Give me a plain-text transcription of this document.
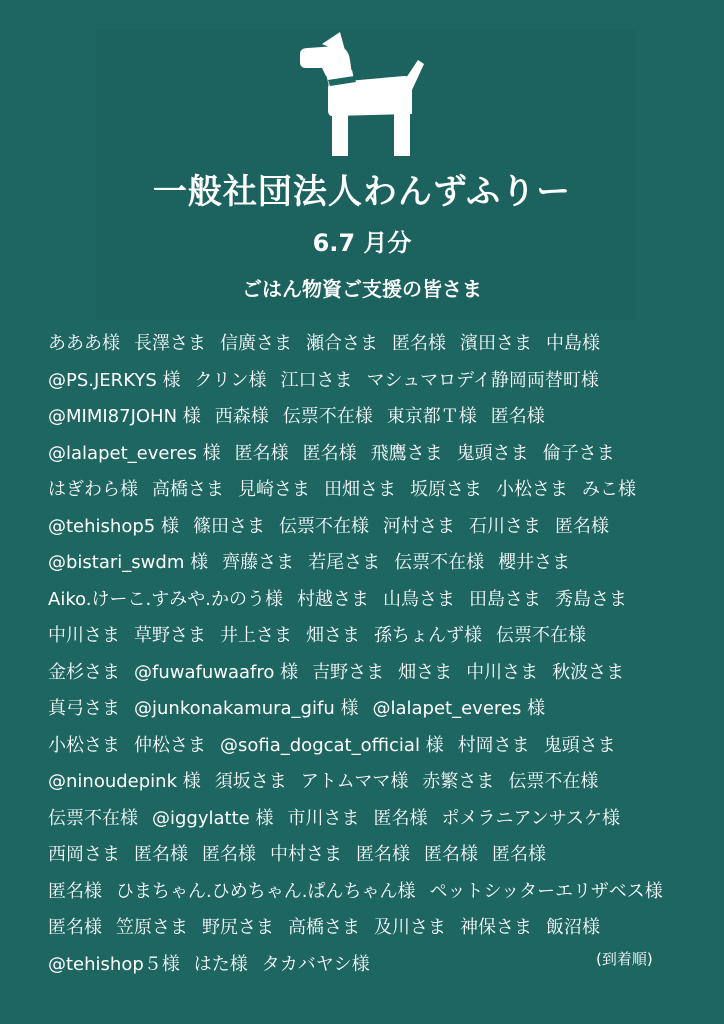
一般社団法人わんずふりー
6.7 月分
ごはん物資ご支援の皆さま
あああ様 長澤さま 信廣さま 瀬合さま 匿名様 濱田さま 中島様
@PS.JERKYS 様 クリン様 江口さま マシュマロデイ静岡両替町様
@MIMI87JOHN 様 西森様 伝票不在様 東京都Ｔ様 匿名様
@lalapet_everes 様 匿名様 匿名様 飛鷹さま 鬼頭さま 倫子さま
はぎわら様 高橋さま 見崎さま 田畑さま 坂原さま 小松さま みこ様
@tehishop5 様 篠田さま 伝票不在様 河村さま 石川さま 匿名様
@bistari_swdm 様 齊藤さま 若尾さま 伝票不在様 櫻井さま
Aiko.けーこ.すみや.かのう様 村越さま 山鳥さま 田島さま 秀島さま
中川さま 草野さま 井上さま 畑さま 孫ちょんず様 伝票不在様
金杉さま @fuwafuwaafro 様 吉野さま 畑さま 中川さま 秋波さま
真弓さま @junkonakamura_gifu 様 @lalapet_everes 様
小松さま 仲松さま @sofia_dogcat_official 様 村岡さま 鬼頭さま
@ninoudepink 様 須坂さま アトムママ様 赤繁さま 伝票不在様
伝票不在様 @iggylatte 様 市川さま 匿名様 ポメラニアンサスケ様
西岡さま 匿名様 匿名様 中村さま 匿名様 匿名様 匿名様
匿名様 ひまちゃん.ひめちゃん.ぱんちゃん様 ペットシッターエリザベス様
匿名様 笠原さま 野尻さま 高橋さま 及川さま 神保さま 飯沼様
@tehishop５様 はた様 タカバヤシ様	(到着順)
